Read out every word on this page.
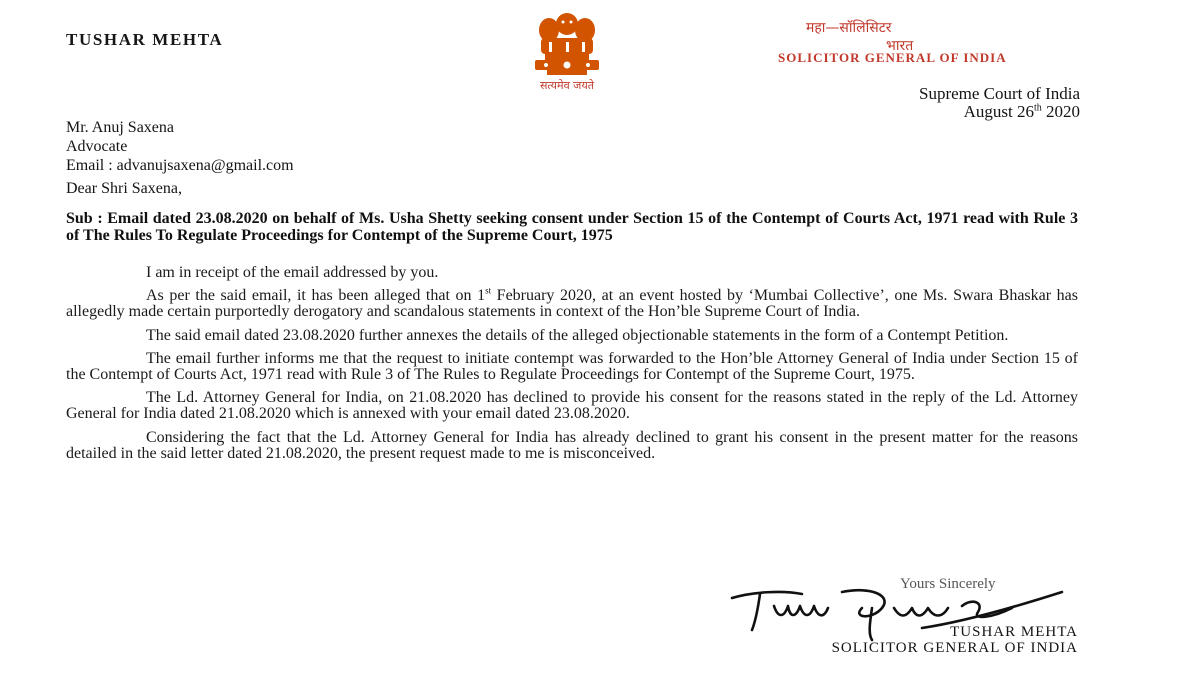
TUSHAR MEHTA
सत्यमेव जयते
महा—सॉलिसिटर
भारत
SOLICITOR GENERAL OF INDIA
Supreme Court of India
August 26th 2020
Mr. Anuj Saxena
Advocate
Email : advanujsaxena@gmail.com
Dear Shri Saxena,
Sub : Email dated 23.08.2020 on behalf of Ms. Usha Shetty seeking consent under Section 15 of the Contempt of Courts Act, 1971 read with Rule 3 of The Rules To Regulate Proceedings for Contempt of the Supreme Court, 1975

I am in receipt of the email addressed by you.

As per the said email, it has been alleged that on 1st February 2020, at an event hosted by ‘Mumbai Collective’, one Ms. Swara Bhaskar has allegedly made certain purportedly derogatory and scandalous statements in context of the Hon’ble Supreme Court of India.

The said email dated 23.08.2020 further annexes the details of the alleged objectionable statements in the form of a Contempt Petition.

The email further informs me that the request to initiate contempt was forwarded to the Hon’ble Attorney General of India under Section 15 of the Contempt of Courts Act, 1971 read with Rule 3 of The Rules to Regulate Proceedings for Contempt of the Supreme Court, 1975.

The Ld. Attorney General for India, on 21.08.2020 has declined to provide his consent for the reasons stated in the reply of the Ld. Attorney General for India dated 21.08.2020 which is annexed with your email dated 23.08.2020.

Considering the fact that the Ld. Attorney General for India has already declined to grant his consent in the present matter for the reasons detailed in the said letter dated 21.08.2020, the present request made to me is misconceived.

Yours Sincerely
TUSHAR MEHTA
SOLICITOR GENERAL OF INDIA
